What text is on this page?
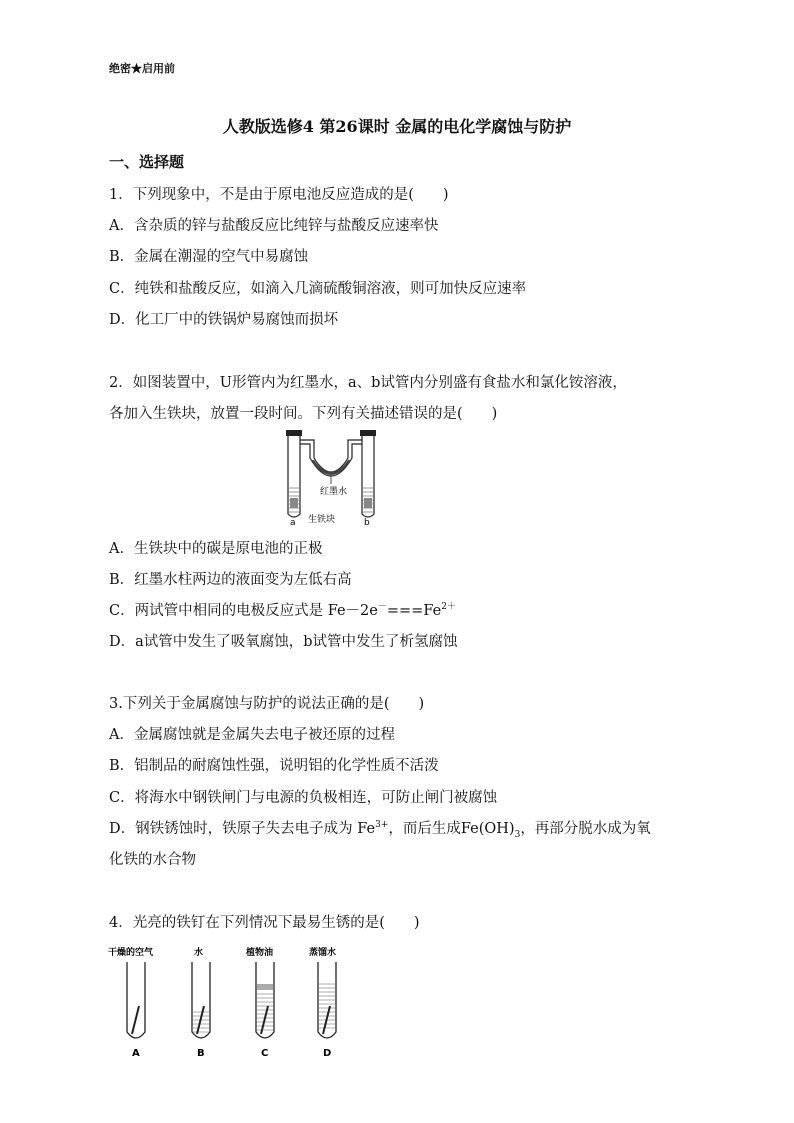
绝密★启用前
人教版选修4 第26课时 金属的电化学腐蚀与防护
一、选择题
1．下列现象中，不是由于原电池反应造成的是(　　)
A．含杂质的锌与盐酸反应比纯锌与盐酸反应速率快
B．金属在潮湿的空气中易腐蚀
C．纯铁和盐酸反应，如滴入几滴硫酸铜溶液，则可加快反应速率
D．化工厂中的铁锅炉易腐蚀而损坏
2．如图装置中，U形管内为红墨水，a、b试管内分别盛有食盐水和氯化铵溶液，
各加入生铁块，放置一段时间。下列有关描述错误的是(　　)
红墨水
生铁块
a	b
A．生铁块中的碳是原电池的正极
B．红墨水柱两边的液面变为左低右高
C．两试管中相同的电极反应式是 $Fe-2e^-===Fe^{2+}$
D．a试管中发生了吸氧腐蚀，b试管中发生了析氢腐蚀
3.下列关于金属腐蚀与防护的说法正确的是(　　)
A．金属腐蚀就是金属失去电子被还原的过程
B．铝制品的耐腐蚀性强，说明铝的化学性质不活泼
C．将海水中钢铁闸门与电源的负极相连，可防止闸门被腐蚀
D．钢铁锈蚀时，铁原子失去电子成为 $Fe^{3+}$，而后生成$Fe(OH)_3$，再部分脱水成为氧
化铁的水合物
4．光亮的铁钉在下列情况下最易生锈的是(　　)
干燥的空气	水	植物油	蒸馏水
A	B	C	D
